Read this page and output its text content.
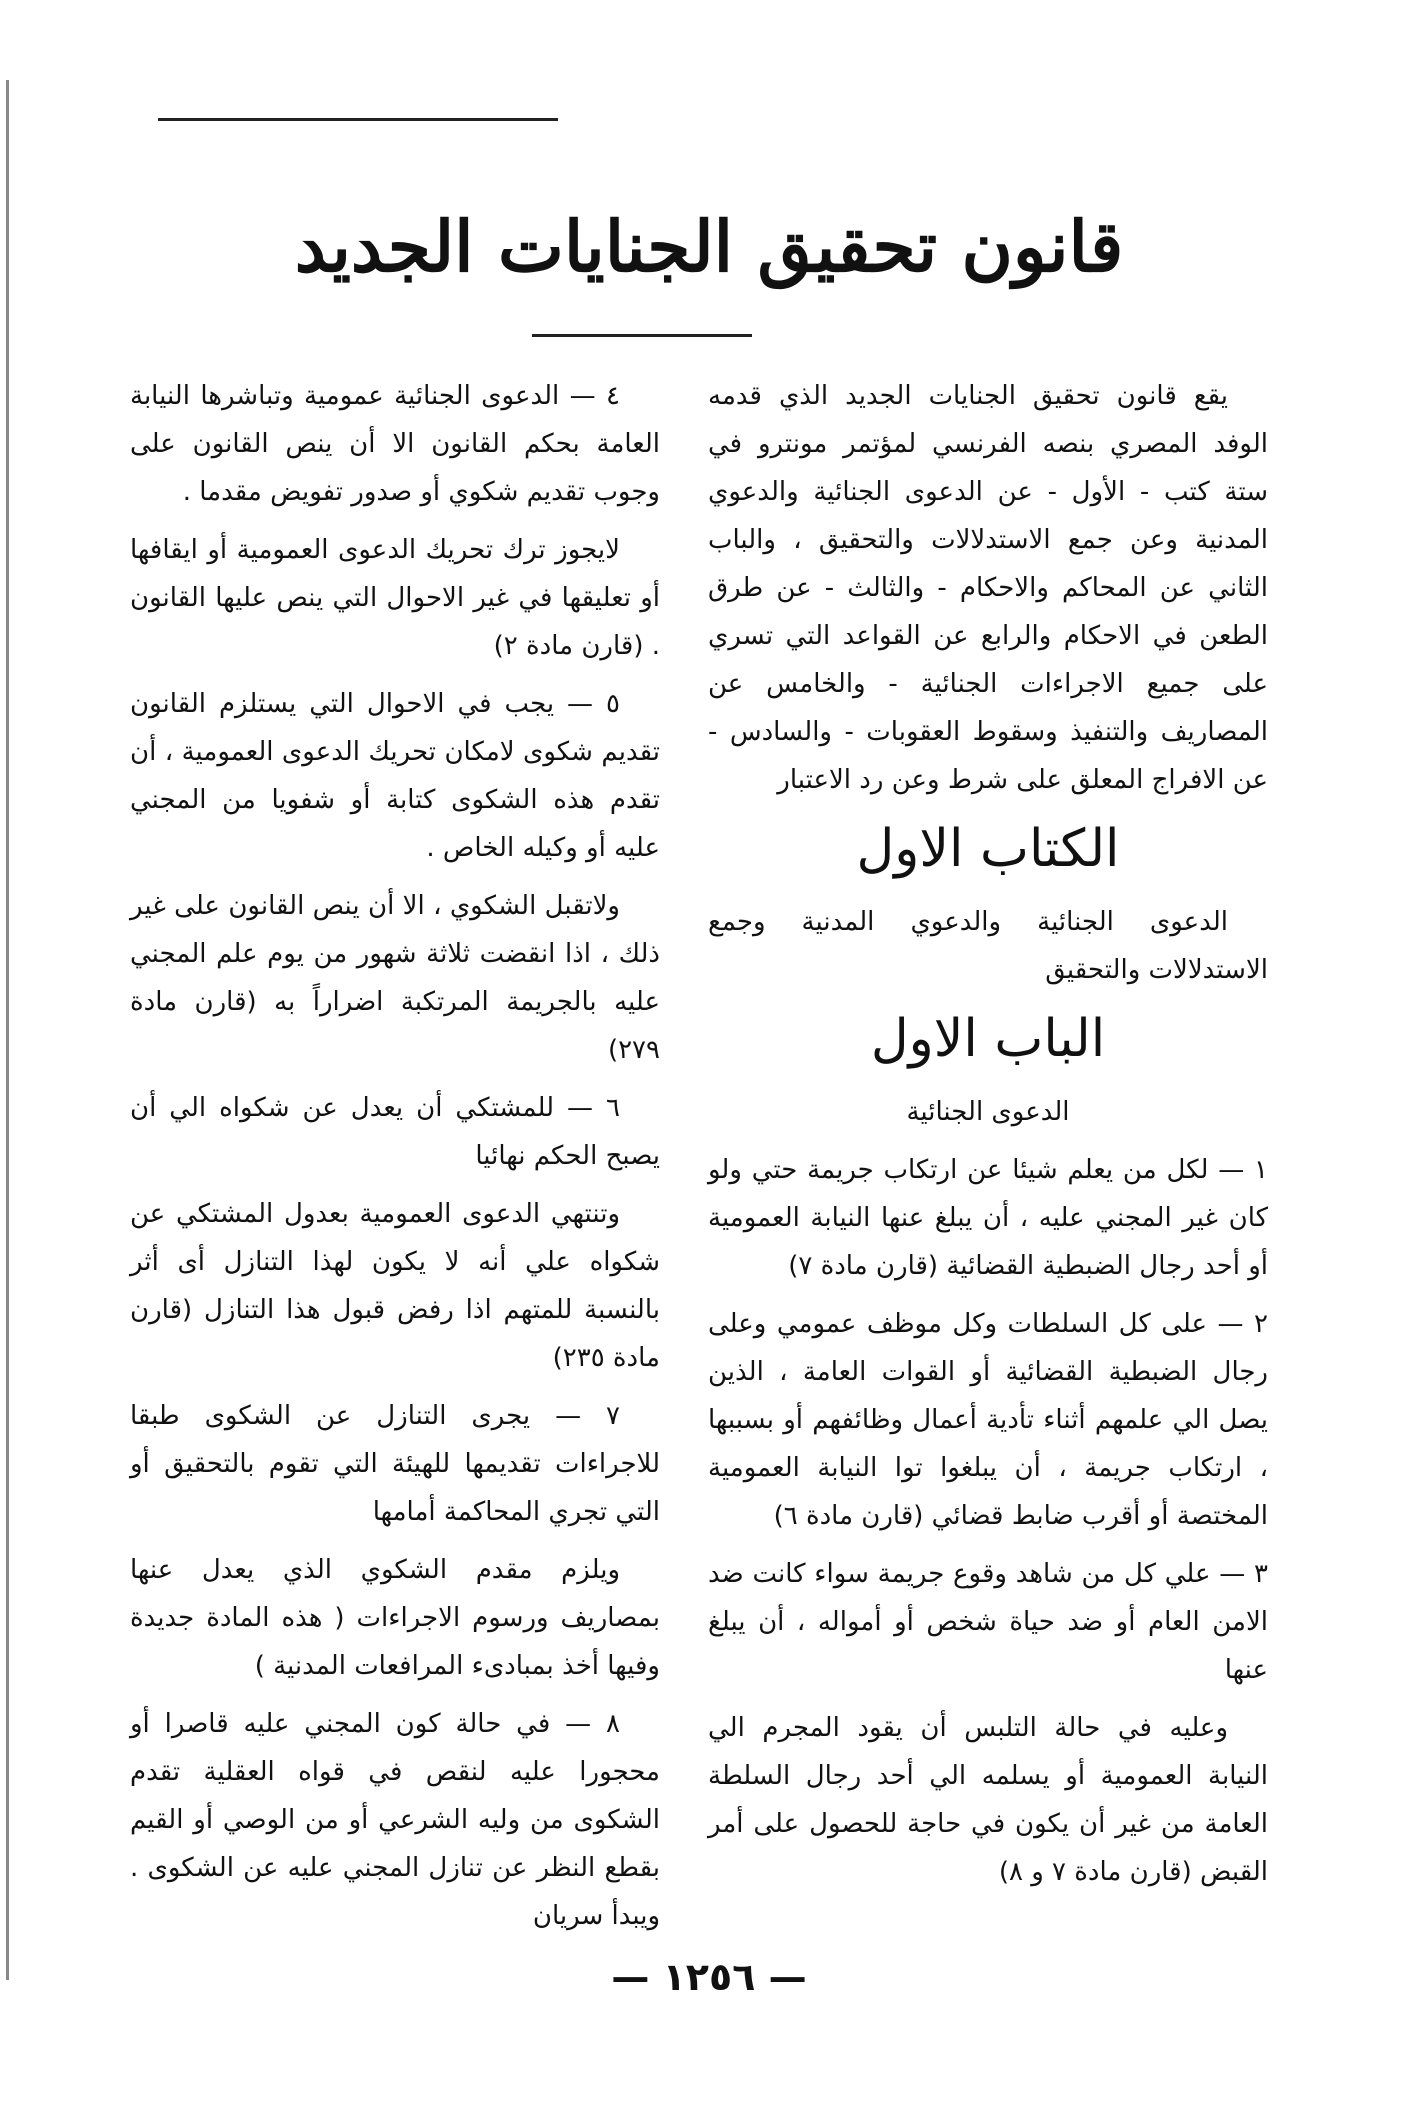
قانون تحقيق الجنايات الجديد

يقع قانون تحقيق الجنايات الجديد الذي قدمه الوفد المصري بنصه الفرنسي لمؤتمر مونترو في ستة كتب - الأول - عن الدعوى الجنائية والدعوي المدنية وعن جمع الاستدلالات والتحقيق ، والباب الثاني عن المحاكم والاحكام - والثالث - عن طرق الطعن في الاحكام والرابع عن القواعد التي تسري على جميع الاجراءات الجنائية - والخامس عن المصاريف والتنفيذ وسقوط العقوبات - والسادس - عن الافراج المعلق على شرط وعن رد الاعتبار

الكتاب الاول

الدعوى الجنائية والدعوي المدنية وجمع الاستدلالات والتحقيق

الباب الاول

الدعوى الجنائية

١ — لكل من يعلم شيئا عن ارتكاب جريمة حتي ولو كان غير المجني عليه ، أن يبلغ عنها النيابة العمومية أو أحد رجال الضبطية القضائية (قارن مادة ٧)

٢ — على كل السلطات وكل موظف عمومي وعلى رجال الضبطية القضائية أو القوات العامة ، الذين يصل الي علمهم أثناء تأدية أعمال وظائفهم أو بسببها ، ارتكاب جريمة ، أن يبلغوا توا النيابة العمومية المختصة أو أقرب ضابط قضائي (قارن مادة ٦)

٣ — علي كل من شاهد وقوع جريمة سواء كانت ضد الامن العام أو ضد حياة شخص أو أمواله ، أن يبلغ عنها

وعليه في حالة التلبس أن يقود المجرم الي النيابة العمومية أو يسلمه الي أحد رجال السلطة العامة من غير أن يكون في حاجة للحصول على أمر القبض (قارن مادة ٧ و ٨)

٤ — الدعوى الجنائية عمومية وتباشرها النيابة العامة بحكم القانون الا أن ينص القانون على وجوب تقديم شكوي أو صدور تفويض مقدما .

لايجوز ترك تحريك الدعوى العمومية أو ايقافها أو تعليقها في غير الاحوال التي ينص عليها القانون . (قارن مادة ٢)

٥ — يجب في الاحوال التي يستلزم القانون تقديم شكوى لامكان تحريك الدعوى العمومية ، أن تقدم هذه الشكوى كتابة أو شفويا من المجني عليه أو وكيله الخاص .

ولاتقبل الشكوي ، الا أن ينص القانون على غير ذلك ، اذا انقضت ثلاثة شهور من يوم علم المجني عليه بالجريمة المرتكبة اضراراً به (قارن مادة ٢٧٩)

٦ — للمشتكي أن يعدل عن شكواه الي أن يصبح الحكم نهائيا

وتنتهي الدعوى العمومية بعدول المشتكي عن شكواه علي أنه لا يكون لهذا التنازل أى أثر بالنسبة للمتهم اذا رفض قبول هذا التنازل (قارن مادة ٢٣٥)

٧ — يجرى التنازل عن الشكوى طبقا للاجراءات تقديمها للهيئة التي تقوم بالتحقيق أو التي تجري المحاكمة أمامها

ويلزم مقدم الشكوي الذي يعدل عنها بمصاريف ورسوم الاجراءات ( هذه المادة جديدة وفيها أخذ بمبادىء المرافعات المدنية )

٨ — في حالة كون المجني عليه قاصرا أو محجورا عليه لنقص في قواه العقلية تقدم الشكوى من وليه الشرعي أو من الوصي أو القيم بقطع النظر عن تنازل المجني عليه عن الشكوى . ويبدأ سريان

— ١٢٥٦ —
